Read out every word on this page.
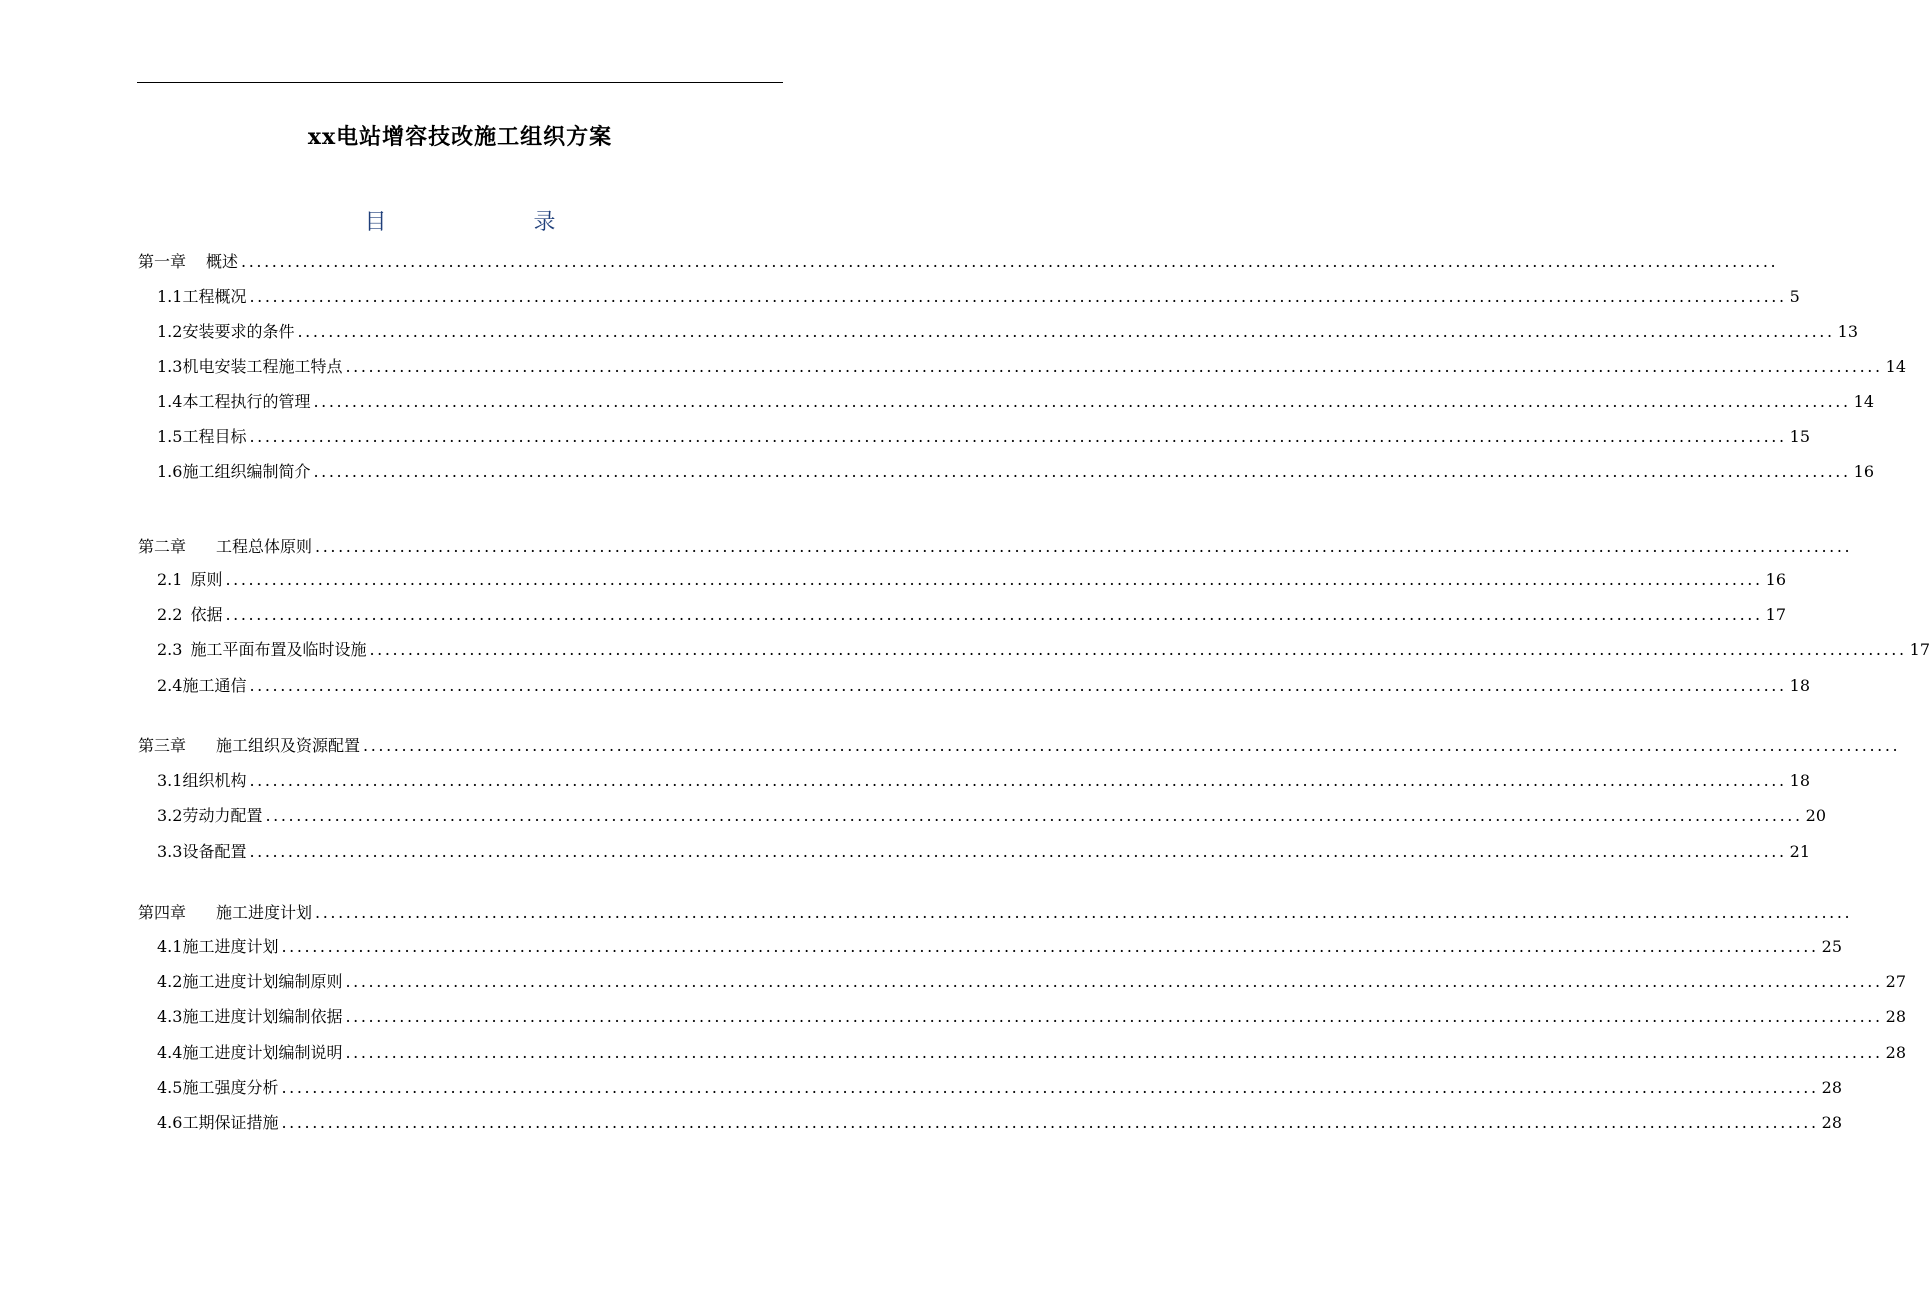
xx电站增容技改施工组织方案
目 录
第一章 概述 ........................................................................................................................................................................................................
1.1工程概况 ........................................................................................................................................................................................................ 5
1.2安装要求的条件 ........................................................................................................................................................................................................ 13
1.3机电安装工程施工特点 ........................................................................................................................................................................................................ 14
1.4本工程执行的管理 ........................................................................................................................................................................................................ 14
1.5工程目标 ........................................................................................................................................................................................................ 15
1.6施工组织编制简介 ........................................................................................................................................................................................................ 16
第二章 工程总体原则 ........................................................................................................................................................................................................
2.1 原则 ........................................................................................................................................................................................................ 16
2.2 依据 ........................................................................................................................................................................................................ 17
2.3 施工平面布置及临时设施 ........................................................................................................................................................................................................ 17
2.4施工通信 ........................................................................................................................................................................................................ 18
第三章 施工组织及资源配置 ........................................................................................................................................................................................................
3.1组织机构 ........................................................................................................................................................................................................ 18
3.2劳动力配置 ........................................................................................................................................................................................................ 20
3.3设备配置 ........................................................................................................................................................................................................ 21
第四章 施工进度计划 ........................................................................................................................................................................................................
4.1施工进度计划 ........................................................................................................................................................................................................ 25
4.2施工进度计划编制原则 ........................................................................................................................................................................................................ 27
4.3施工进度计划编制依据 ........................................................................................................................................................................................................ 28
4.4施工进度计划编制说明 ........................................................................................................................................................................................................ 28
4.5施工强度分析 ........................................................................................................................................................................................................ 28
4.6工期保证措施 ........................................................................................................................................................................................................ 28
